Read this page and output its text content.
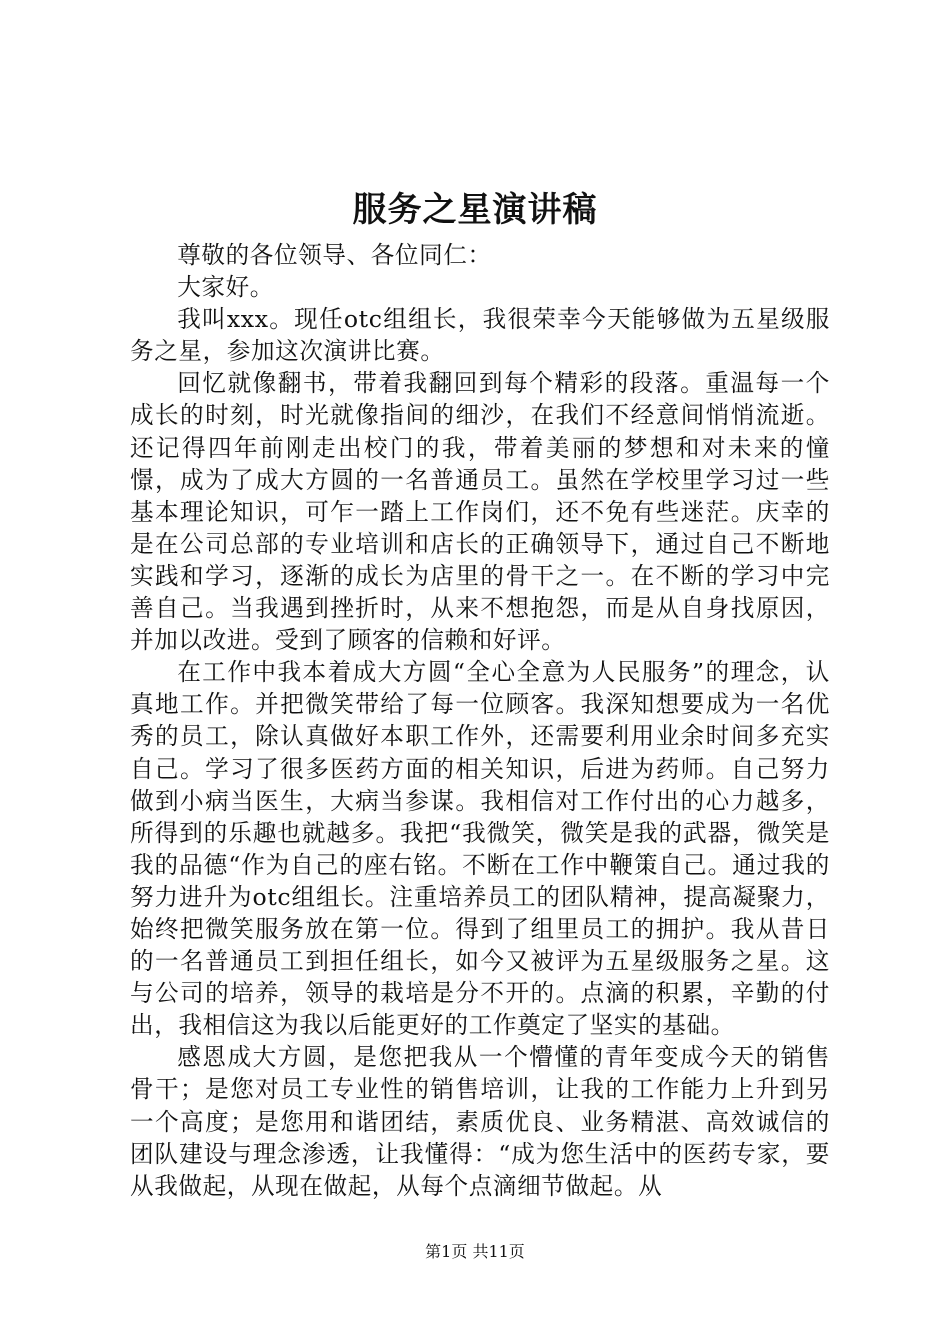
服务之星演讲稿

尊敬的各位领导、各位同仁：

大家好。

我叫xxx。现任otc组组长，我很荣幸今天能够做为五星级服务之星，参加这次演讲比赛。

回忆就像翻书，带着我翻回到每个精彩的段落。重温每一个成长的时刻，时光就像指间的细沙，在我们不经意间悄悄流逝。还记得四年前刚走出校门的我，带着美丽的梦想和对未来的憧憬，成为了成大方圆的一名普通员工。虽然在学校里学习过一些基本理论知识，可乍一踏上工作岗们，还不免有些迷茫。庆幸的是在公司总部的专业培训和店长的正确领导下，通过自己不断地实践和学习，逐渐的成长为店里的骨干之一。在不断的学习中完善自己。当我遇到挫折时，从来不想抱怨，而是从自身找原因，并加以改进。受到了顾客的信赖和好评。

在工作中我本着成大方圆“全心全意为人民服务”的理念，认真地工作。并把微笑带给了每一位顾客。我深知想要成为一名优秀的员工，除认真做好本职工作外，还需要利用业余时间多充实自己。学习了很多医药方面的相关知识，后进为药师。自己努力做到小病当医生，大病当参谋。我相信对工作付出的心力越多，所得到的乐趣也就越多。我把“我微笑，微笑是我的武器，微笑是我的品德“作为自己的座右铭。不断在工作中鞭策自己。通过我的努力进升为otc组组长。注重培养员工的团队精神，提高凝聚力，始终把微笑服务放在第一位。得到了组里员工的拥护。我从昔日的一名普通员工到担任组长，如今又被评为五星级服务之星。这与公司的培养，领导的栽培是分不开的。点滴的积累，辛勤的付出，我相信这为我以后能更好的工作奠定了坚实的基础。

感恩成大方圆，是您把我从一个懵懂的青年变成今天的销售骨干；是您对员工专业性的销售培训，让我的工作能力上升到另一个高度；是您用和谐团结，素质优良、业务精湛、高效诚信的团队建设与理念渗透，让我懂得：“成为您生活中的医药专家，要从我做起，从现在做起，从每个点滴细节做起。从

第1页 共11页
